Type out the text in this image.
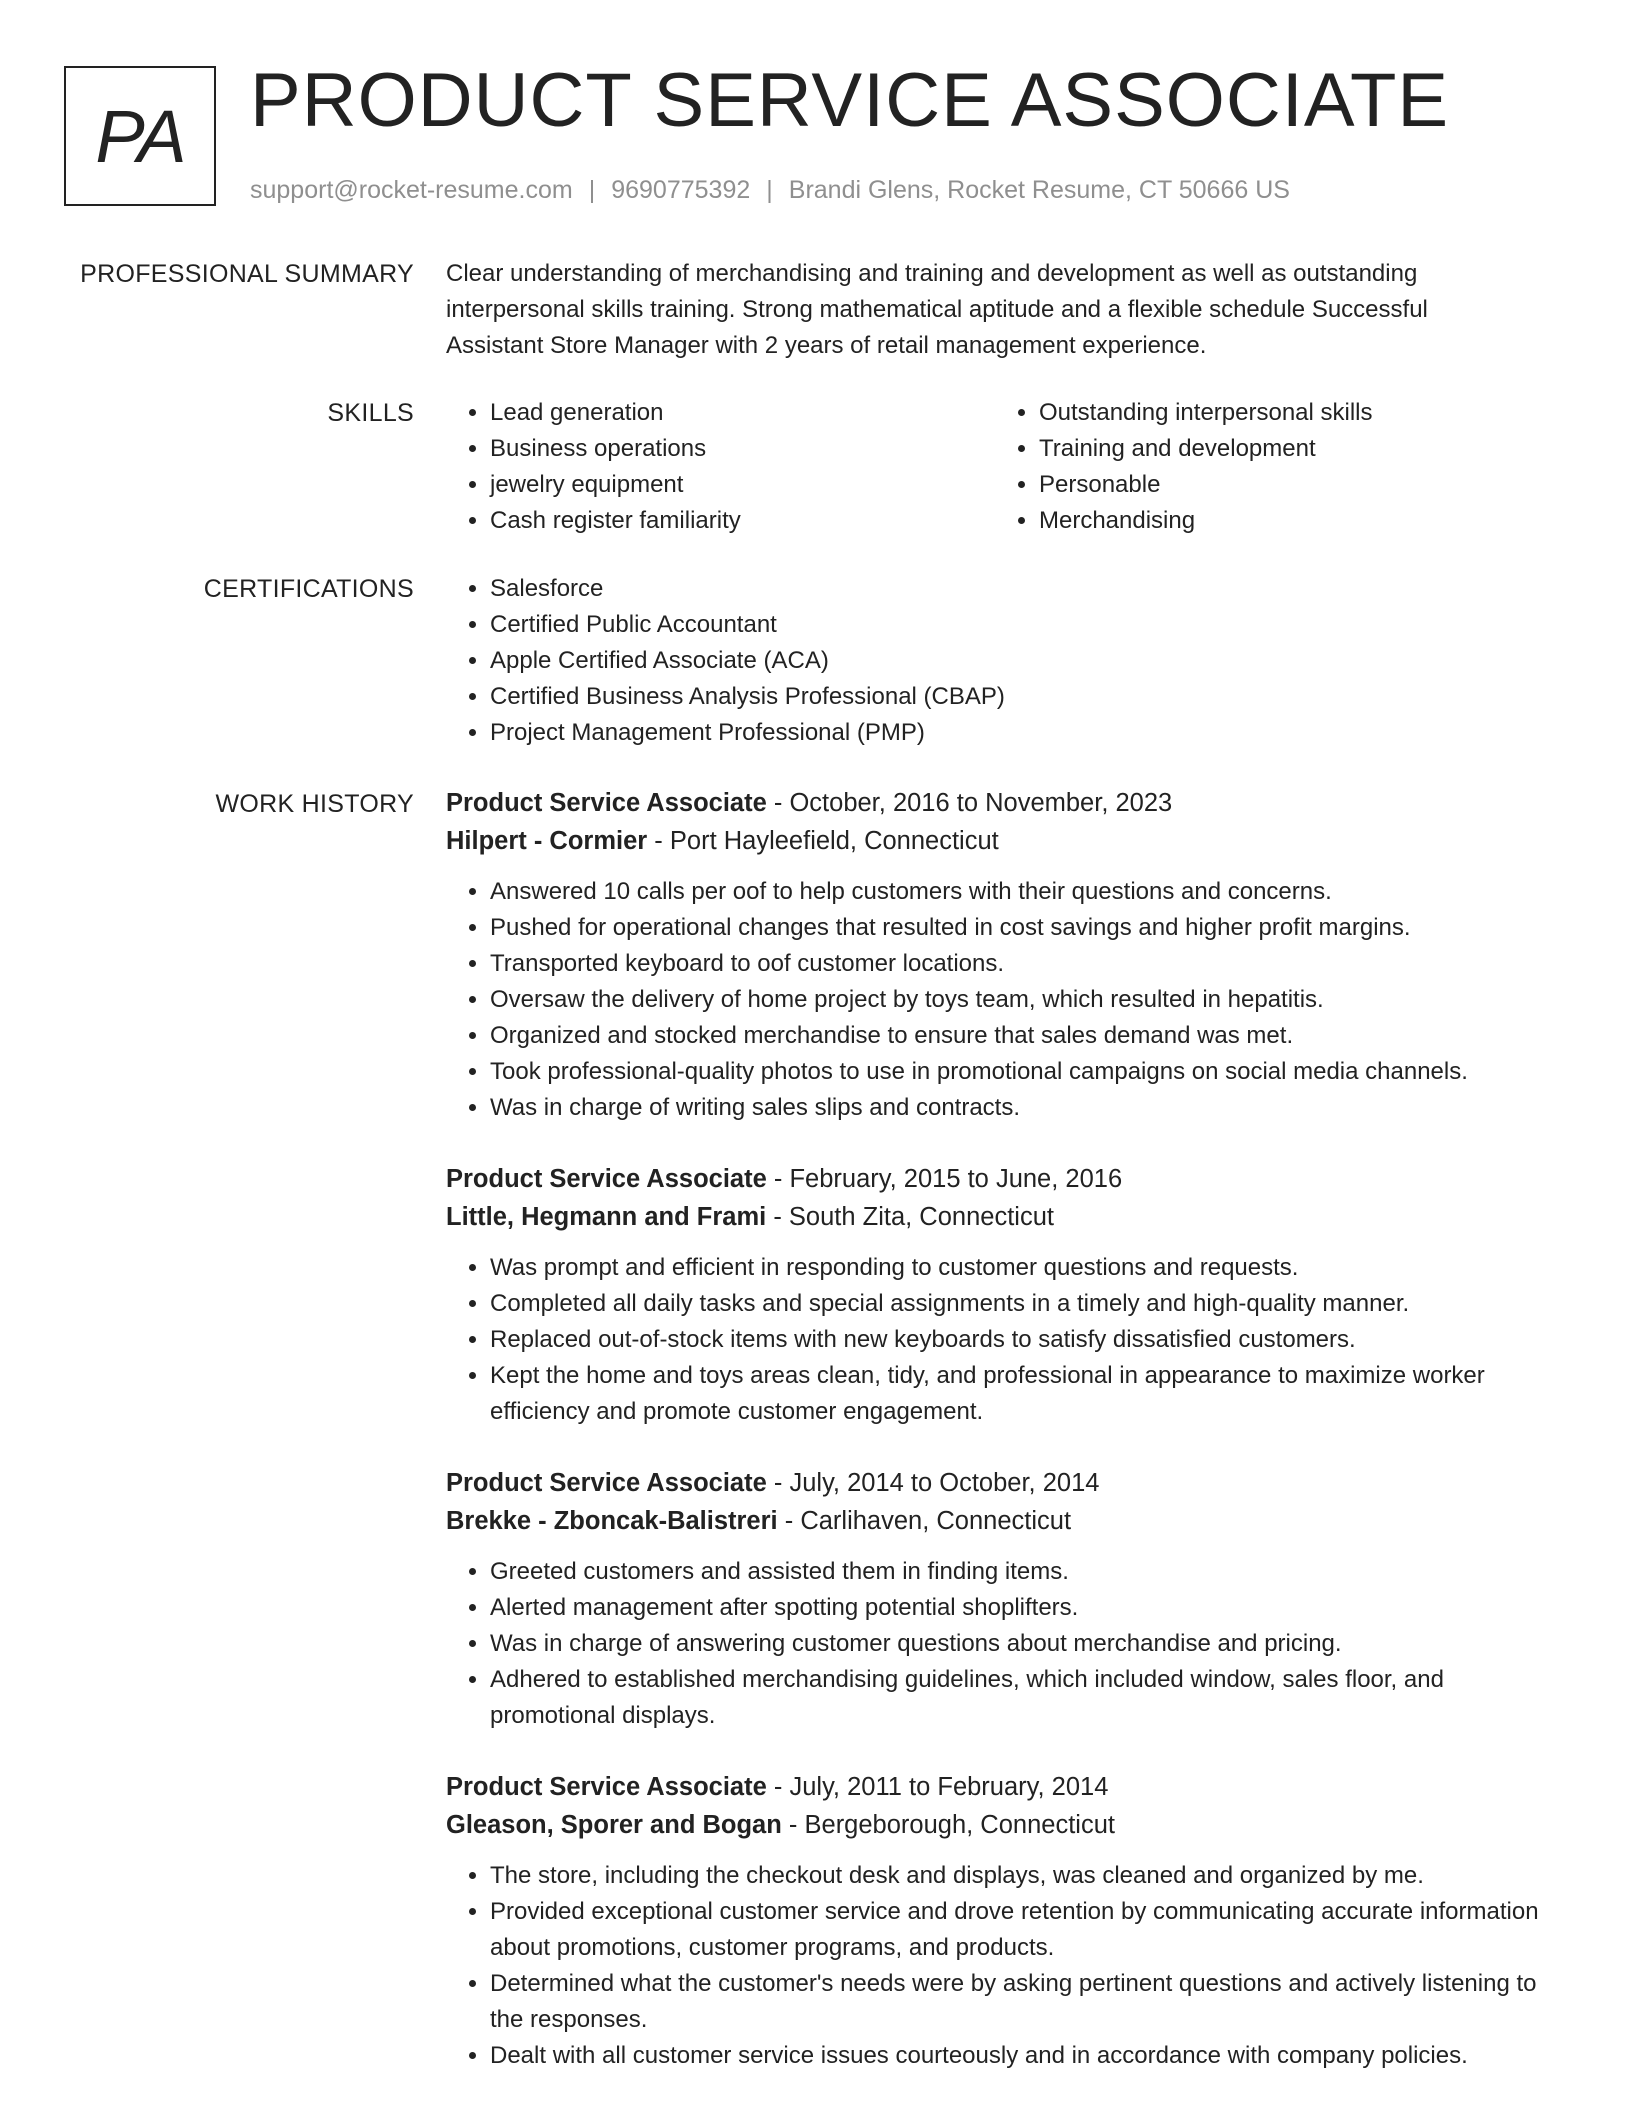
PA PRODUCT SERVICE ASSOCIATE
support@rocket-resume.com | 9690775392 | Brandi Glens, Rocket Resume, CT 50666 US
PROFESSIONAL SUMMARY Clear understanding of merchandising and training and development as well as outstanding interpersonal skills training. Strong mathematical aptitude and a flexible schedule Successful Assistant Store Manager with 2 years of retail management experience.
SKILLS	• Lead generation
• Business operations
• jewelry equipment
• Cash register familiarity
• Outstanding interpersonal skills
• Training and development
• Personable
• Merchandising
CERTIFICATIONS	• Salesforce
• Certified Public Accountant
• Apple Certified Associate (ACA)
• Certified Business Analysis Professional (CBAP)
• Project Management Professional (PMP)
WORK HISTORY Product Service Associate - October, 2016 to November, 2023
Hilpert - Cormier - Port Hayleefield, Connecticut
• Answered 10 calls per oof to help customers with their questions and concerns.
• Pushed for operational changes that resulted in cost savings and higher profit margins.
• Transported keyboard to oof customer locations.
• Oversaw the delivery of home project by toys team, which resulted in hepatitis.
• Organized and stocked merchandise to ensure that sales demand was met.
• Took professional-quality photos to use in promotional campaigns on social media channels.
• Was in charge of writing sales slips and contracts.
Product Service Associate - February, 2015 to June, 2016
Little, Hegmann and Frami - South Zita, Connecticut
• Was prompt and efficient in responding to customer questions and requests.
• Completed all daily tasks and special assignments in a timely and high-quality manner.
• Replaced out-of-stock items with new keyboards to satisfy dissatisfied customers.
• Kept the home and toys areas clean, tidy, and professional in appearance to maximize worker efficiency and promote customer engagement.
Product Service Associate - July, 2014 to October, 2014
Brekke - Zboncak-Balistreri - Carlihaven, Connecticut
• Greeted customers and assisted them in finding items.
• Alerted management after spotting potential shoplifters.
• Was in charge of answering customer questions about merchandise and pricing.
• Adhered to established merchandising guidelines, which included window, sales floor, and promotional displays.
Product Service Associate - July, 2011 to February, 2014
Gleason, Sporer and Bogan - Bergeborough, Connecticut
• The store, including the checkout desk and displays, was cleaned and organized by me.
• Provided exceptional customer service and drove retention by communicating accurate information about promotions, customer programs, and products.
• Determined what the customer's needs were by asking pertinent questions and actively listening to the responses.
• Dealt with all customer service issues courteously and in accordance with company policies.
